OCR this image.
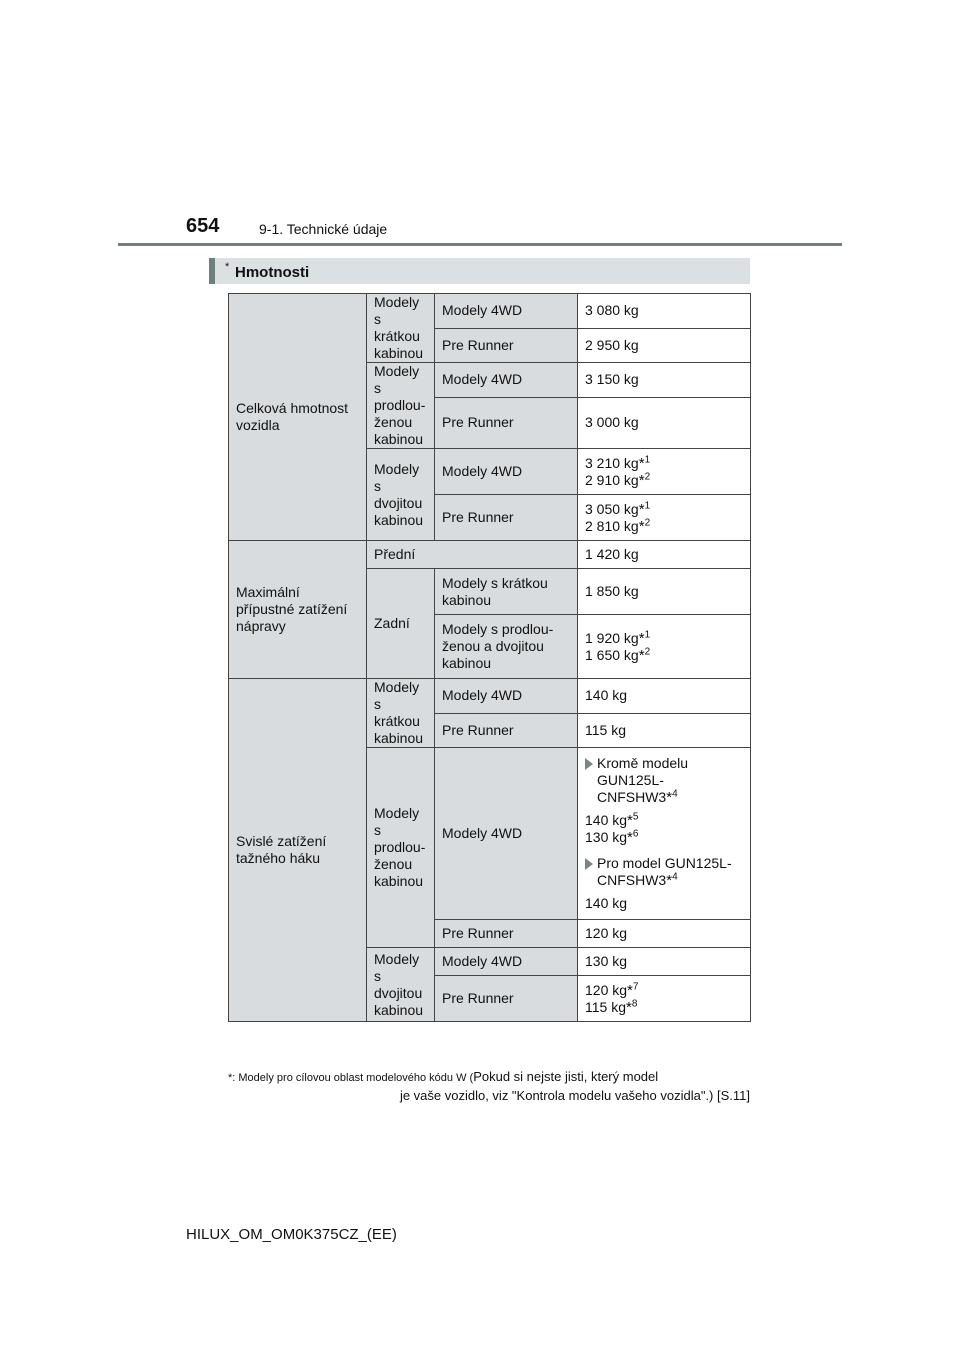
654	9-1. Technické údaje
Hmotnosti
*
Celková hmotnost vozidla	Modely s krátkou kabinou	Modely 4WD	3 080 kg
		Pre Runner	2 950 kg
	Modely s prodlou- ženou kabinou	Modely 4WD	3 150 kg
		Pre Runner	3 000 kg
	Modely s dvojitou kabinou	Modely 4WD	3 210 kg*$^1$
2 910 kg*$^2$

		Pre Runner	3 050 kg*$^1$
2 810 kg*$^2$

Maximální přípustné zatížení nápravy	Přední		1 420 kg
	Zadní	Modely s krátkou kabinou	1 850 kg
		Modely s prodlou- ženou a dvojitou kabinou	1 920 kg*$^1$
1 650 kg*$^2$

Svislé zatížení tažného háku	Modely s krátkou kabinou	Modely 4WD	140 kg
		Pre Runner	115 kg
	Modely s prodlou- ženou kabinou	Modely 4WD	Kromě modelu GUN125L- CNFSHW3*$^4$
140 kg*$^5$
130 kg*$^6$
Pro model GUN125L- CNFSHW3*$^4$
140 kg

		Pre Runner	120 kg
	Modely s dvojitou kabinou	Modely 4WD	130 kg
		Pre Runner	120 kg*$^7$
115 kg*$^8$
*: Modely pro cílovou oblast modelového kódu W (Pokud si nejste jisti, který model
je vaše vozidlo, viz "Kontrola modelu vašeho vozidla".) [S.11]
HILUX_OM_OM0K375CZ_(EE)
